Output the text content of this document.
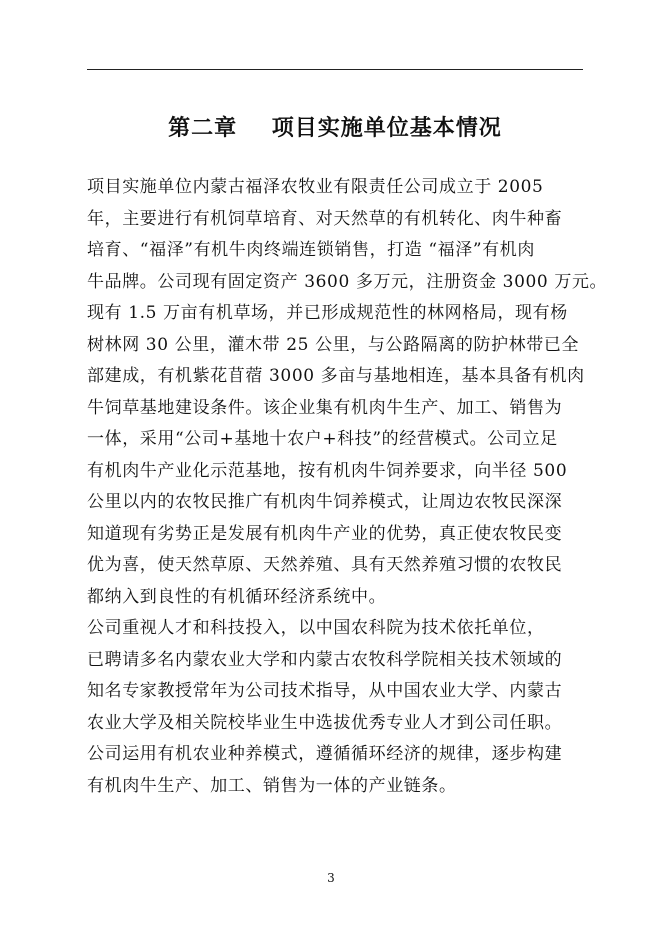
第二章    项目实施单位基本情况
项目实施单位内蒙古福泽农牧业有限责任公司成立于 2005
年，主要进行有机饲草培育、对天然草的有机转化、肉牛种畜
培育、“福泽”有机牛肉终端连锁销售，打造 “福泽”有机肉
牛品牌。公司现有固定资产 3600 多万元，注册资金 3000 万元。
现有 1.5 万亩有机草场，并已形成规范性的林网格局，现有杨
树林网 30 公里，灌木带 25 公里，与公路隔离的防护林带已全
部建成，有机紫花苜蓿 3000 多亩与基地相连，基本具备有机肉
牛饲草基地建设条件。该企业集有机肉牛生产、加工、销售为
一体，采用“公司+基地十农户+科技”的经营模式。公司立足
有机肉牛产业化示范基地，按有机肉牛饲养要求，向半径 500
公里以内的农牧民推广有机肉牛饲养模式，让周边农牧民深深
知道现有劣势正是发展有机肉牛产业的优势，真正使农牧民变
优为喜，使天然草原、天然养殖、具有天然养殖习惯的农牧民
都纳入到良性的有机循环经济系统中。
公司重视人才和科技投入，以中国农科院为技术依托单位，
已聘请多名内蒙农业大学和内蒙古农牧科学院相关技术领域的
知名专家教授常年为公司技术指导，从中国农业大学、内蒙古
农业大学及相关院校毕业生中选拔优秀专业人才到公司任职。
公司运用有机农业种养模式，遵循循环经济的规律，逐步构建
有机肉牛生产、加工、销售为一体的产业链条。
3
